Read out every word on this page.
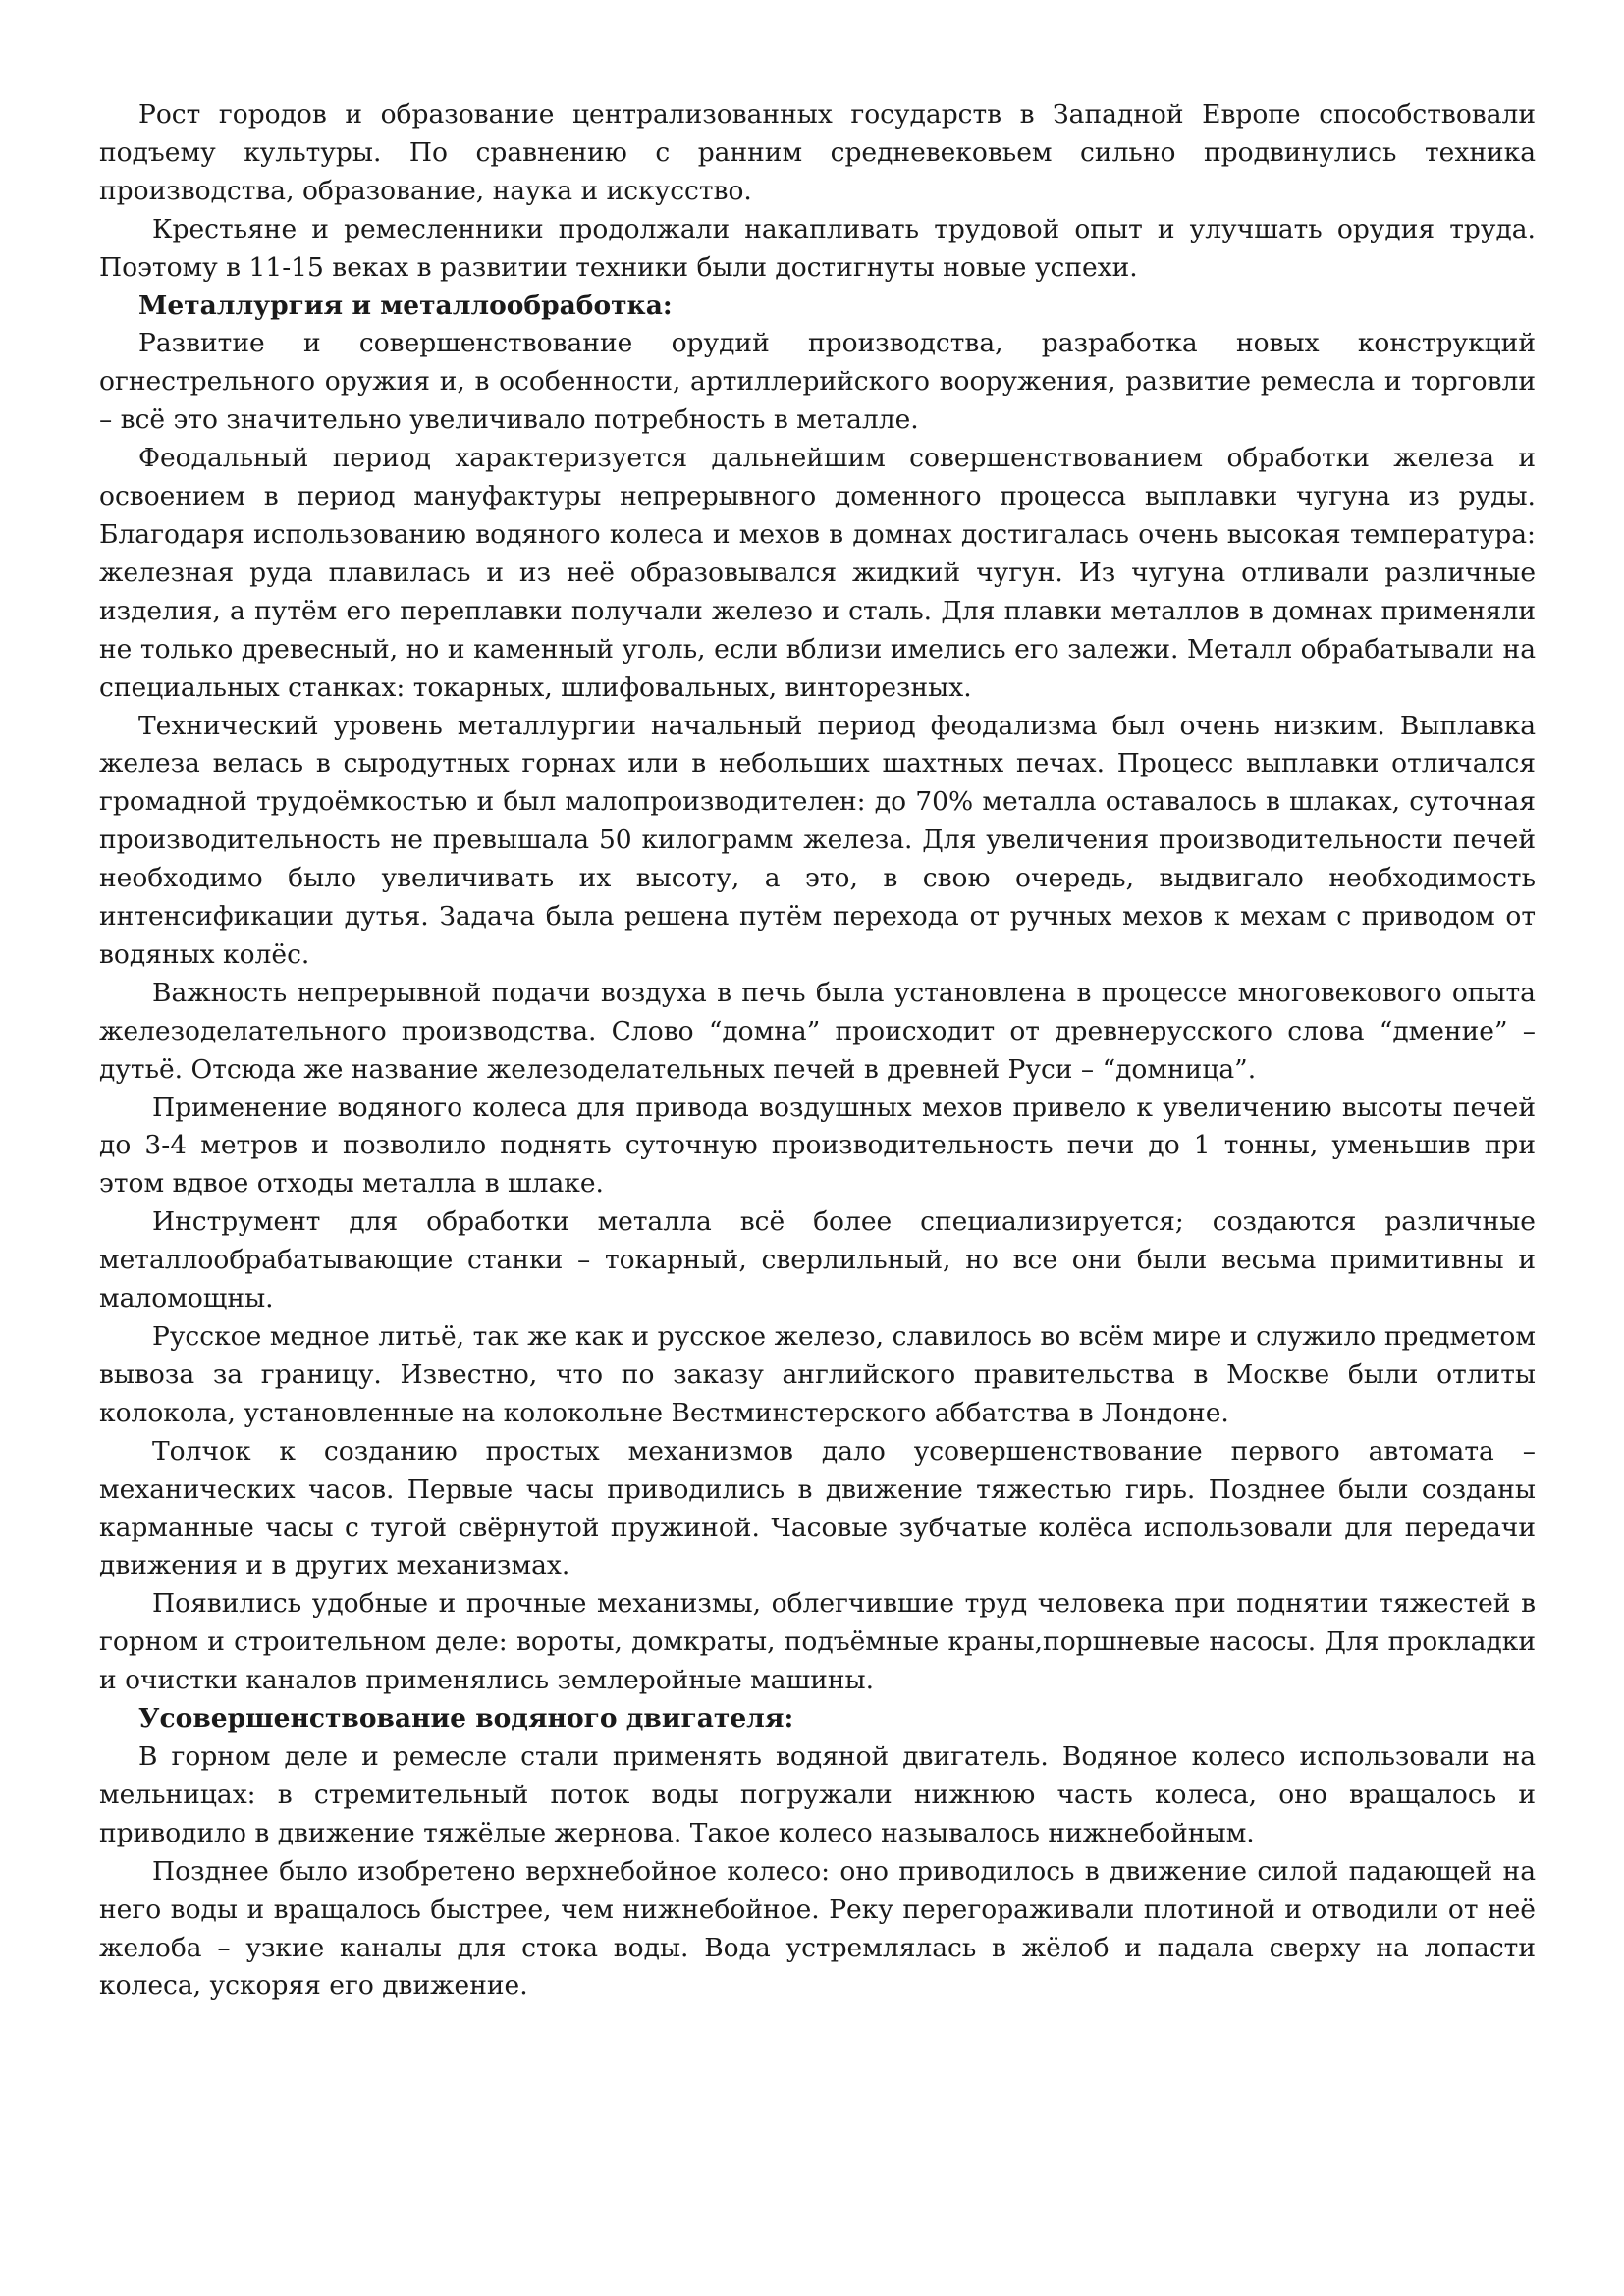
Рост городов и образование централизованных государств в Западной Европе способствовали подъему культуры. По сравнению с ранним средневековьем сильно продвинулись техника производства, образование, наука и искусство.

Крестьяне и ремесленники продолжали накапливать трудовой опыт и улучшать орудия труда. Поэтому в 11-15 веках в развитии техники были достигнуты новые успехи.

Металлургия и металлообработка:

Развитие и совершенствование орудий производства, разработка новых конструкций огнестрельного оружия и, в особенности, артиллерийского вооружения, развитие ремесла и торговли – всё это значительно увеличивало потребность в металле.

Феодальный период характеризуется дальнейшим совершенствованием обработки железа и освоением в период мануфактуры непрерывного доменного процесса выплавки чугуна из руды. Благодаря использованию водяного колеса и мехов в домнах достигалась очень высокая температура: железная руда плавилась и из неё образовывался жидкий чугун. Из чугуна отливали различные изделия, а путём его переплавки получали железо и сталь. Для плавки металлов в домнах применяли не только древесный, но и каменный уголь, если вблизи имелись его залежи. Металл обрабатывали на специальных станках: токарных, шлифовальных, винторезных.

Технический уровень металлургии начальный период феодализма был очень низким. Выплавка железа велась в сыродутных горнах или в небольших шахтных печах. Процесс выплавки отличался громадной трудоёмкостью и был малопроизводителен: до 70% металла оставалось в шлаках, суточная производительность не превышала 50 килограмм железа. Для увеличения производительности печей необходимо было увеличивать их высоту, а это, в свою очередь, выдвигало необходимость интенсификации дутья. Задача была решена путём перехода от ручных мехов к мехам с приводом от водяных колёс.

Важность непрерывной подачи воздуха в печь была установлена в процессе многовекового опыта железоделательного производства. Слово “домна” происходит от древнерусского слова “дмение” – дутьё. Отсюда же название железоделательных печей в древней Руси – “домница”.

Применение водяного колеса для привода воздушных мехов привело к увеличению высоты печей до 3-4 метров и позволило поднять суточную производительность печи до 1 тонны, уменьшив при этом вдвое отходы металла в шлаке.

Инструмент для обработки металла всё более специализируется; создаются различные металлообрабатывающие станки – токарный, сверлильный, но все они были весьма примитивны и маломощны.

Русское медное литьё, так же как и русское железо, славилось во всём мире и служило предметом вывоза за границу. Известно, что по заказу английского правительства в Москве были отлиты колокола, установленные на колокольне Вестминстерского аббатства в Лондоне.

Толчок к созданию простых механизмов дало усовершенствование первого автомата – механических часов. Первые часы приводились в движение тяжестью гирь. Позднее были созданы карманные часы с тугой свёрнутой пружиной. Часовые зубчатые колёса использовали для передачи движения и в других механизмах.

Появились удобные и прочные механизмы, облегчившие труд человека при поднятии тяжестей в горном и строительном деле: вороты, домкраты, подъёмные краны,поршневые насосы. Для прокладки и очистки каналов применялись землеройные машины.

Усовершенствование водяного двигателя:

В горном деле и ремесле стали применять водяной двигатель. Водяное колесо использовали на мельницах: в стремительный поток воды погружали нижнюю часть колеса, оно вращалось и приводило в движение тяжёлые жернова. Такое колесо называлось нижнебойным.

Позднее было изобретено верхнебойное колесо: оно приводилось в движение силой падающей на него воды и вращалось быстрее, чем нижнебойное. Реку перегораживали плотиной и отводили от неё желоба – узкие каналы для стока воды. Вода устремлялась в жёлоб и падала сверху на лопасти колеса, ускоряя его движение.
